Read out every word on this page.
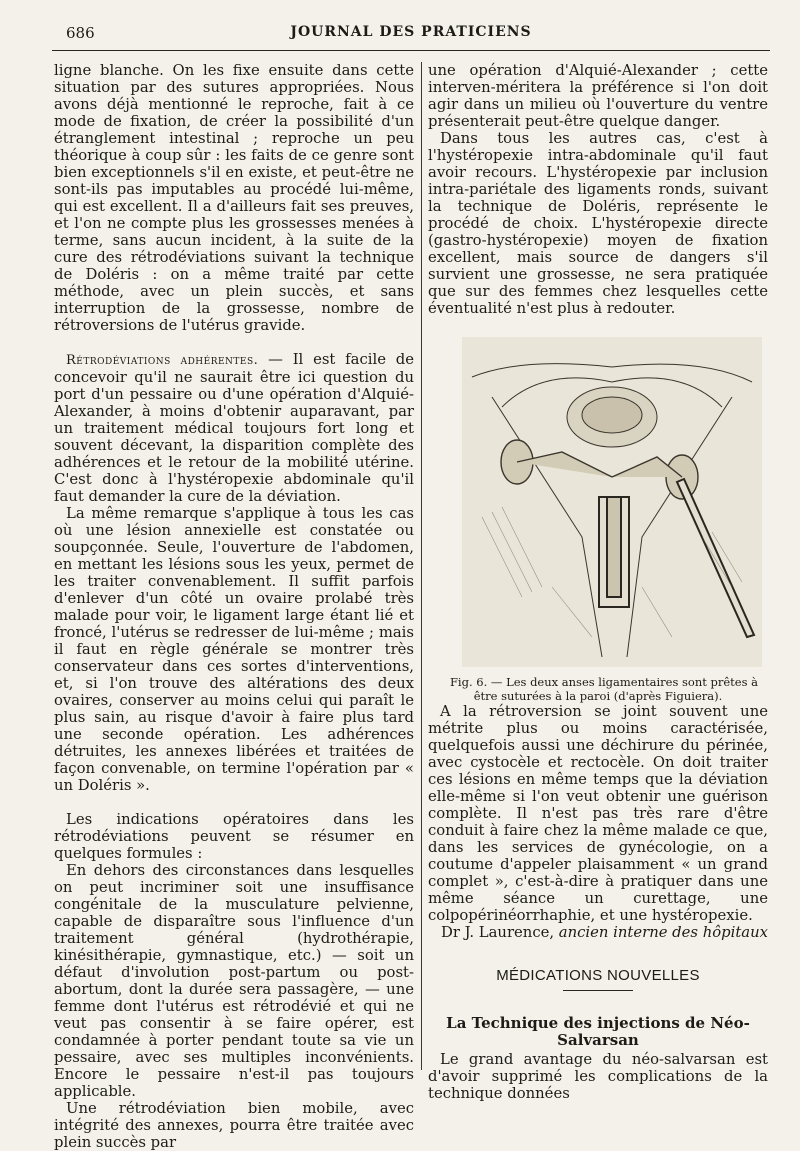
686	JOURNAL DES PRATICIENS

ligne blanche. On les fixe ensuite dans cette situation par des sutures appropriées. Nous avons déjà mentionné le reproche, fait à ce mode de fixation, de créer la possibilité d'un étranglement intestinal ; reproche un peu théorique à coup sûr : les faits de ce genre sont bien exceptionnels s'il en existe, et peut-être ne sont-ils pas imputables au procédé lui-même, qui est excellent. Il a d'ailleurs fait ses preuves, et l'on ne compte plus les grossesses menées à terme, sans aucun incident, à la suite de la cure des rétrodéviations suivant la technique de Doléris : on a même traité par cette méthode, avec un plein succès, et sans interruption de la grossesse, nombre de rétroversions de l'utérus gravide.

Rétrodéviations adhérentes. — Il est facile de concevoir qu'il ne saurait être ici question du port d'un pessaire ou d'une opération d'Alquié-Alexander, à moins d'obtenir auparavant, par un traitement médical toujours fort long et souvent décevant, la disparition complète des adhérences et le retour de la mobilité utérine. C'est donc à l'hystéropexie abdominale qu'il faut demander la cure de la déviation.

La même remarque s'applique à tous les cas où une lésion annexielle est constatée ou soupçonnée. Seule, l'ouverture de l'abdomen, en mettant les lésions sous les yeux, permet de les traiter convenablement. Il suffit parfois d'enlever d'un côté un ovaire prolabé très malade pour voir, le ligament large étant lié et froncé, l'utérus se redresser de lui-même ; mais il faut en règle générale se montrer très conservateur dans ces sortes d'interventions, et, si l'on trouve des altérations des deux ovaires, conserver au moins celui qui paraît le plus sain, au risque d'avoir à faire plus tard une seconde opération. Les adhérences détruites, les annexes libérées et traitées de façon convenable, on termine l'opération par « un Doléris ».

Les indications opératoires dans les rétrodéviations peuvent se résumer en quelques formules :

En dehors des circonstances dans lesquelles on peut incriminer soit une insuffisance congénitale de la musculature pelvienne, capable de disparaître sous l'influence d'un traitement général (hydrothérapie, kinésithérapie, gymnastique, etc.) — soit un défaut d'involution post-partum ou post-abortum, dont la durée sera passagère, — une femme dont l'utérus est rétrodévié et qui ne veut pas consentir à se faire opérer, est condamnée à porter pendant toute sa vie un pessaire, avec ses multiples inconvénients. Encore le pessaire n'est-il pas toujours applicable.

Une rétrodéviation bien mobile, avec intégrité des annexes, pourra être traitée avec plein succès par

une opération d'Alquié-Alexander ; cette interven-méritera la préférence si l'on doit agir dans un milieu où l'ouverture du ventre présenterait peut-être quelque danger.

Dans tous les autres cas, c'est à l'hystéropexie intra-abdominale qu'il faut avoir recours. L'hystéropexie par inclusion intra-pariétale des ligaments ronds, suivant la technique de Doléris, représente le procédé de choix. L'hystéropexie directe (gastro-hystéropexie) moyen de fixation excellent, mais source de dangers s'il survient une grossesse, ne sera pratiquée que sur des femmes chez lesquelles cette éventualité n'est plus à redouter.

Fig. 6. — Les deux anses ligamentaires sont prêtes à être suturées à la paroi (d'après Figuiera).

A la rétroversion se joint souvent une métrite plus ou moins caractérisée, quelquefois aussi une déchirure du périnée, avec cystocèle et rectocèle. On doit traiter ces lésions en même temps que la déviation elle-même si l'on veut obtenir une guérison complète. Il n'est pas très rare d'être conduit à faire chez la même malade ce que, dans les services de gynécologie, on a coutume d'appeler plaisamment « un grand complet », c'est-à-dire à pratiquer dans une même séance un curettage, une colpopérinéorrhaphie, et une hystéropexie.

Dr J. Laurence, ancien interne des hôpitaux

MÉDICATIONS NOUVELLES
La Technique des injections de Néo-Salvarsan

Le grand avantage du néo-salvarsan est d'avoir supprimé les complications de la technique données
